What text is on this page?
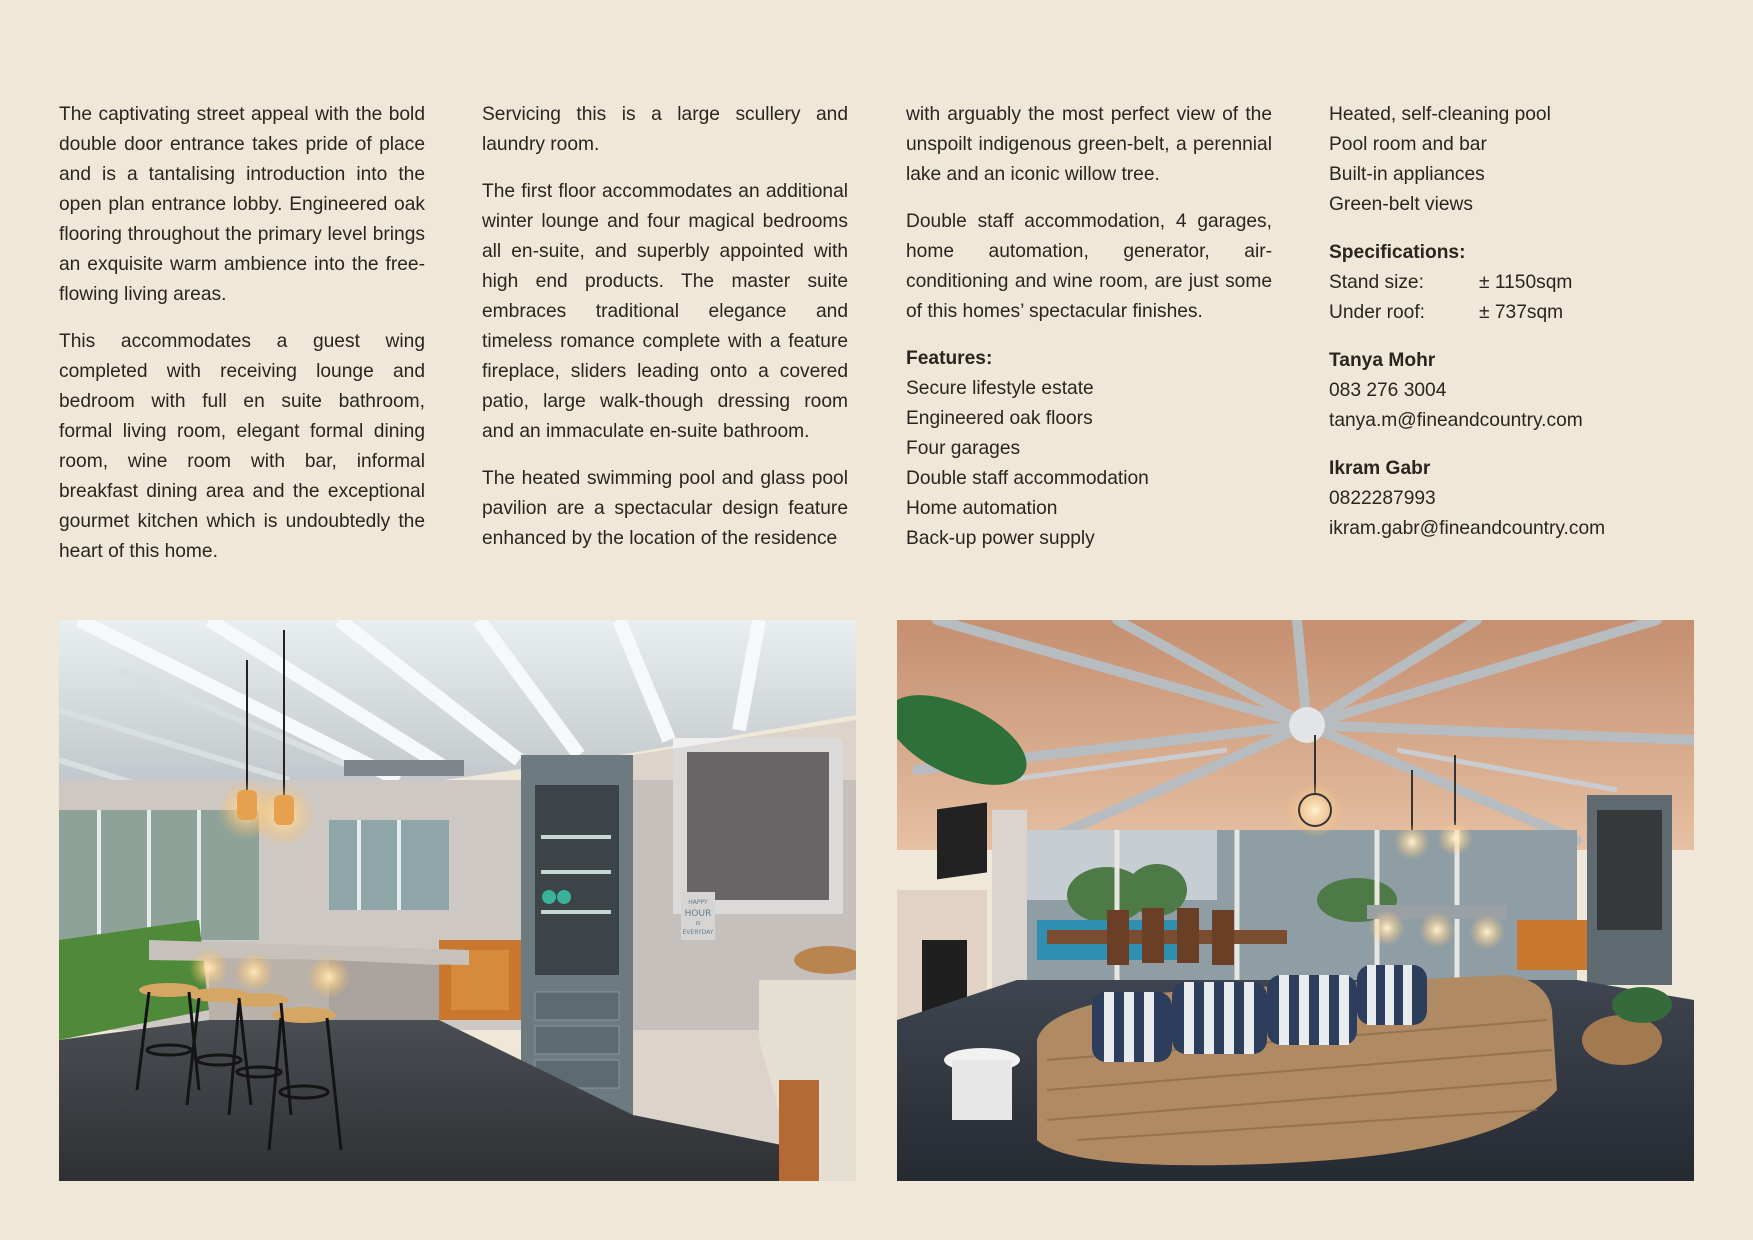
The captivating street appeal with the bold double door entrance takes pride of place and is a tantalising introduction into the open plan entrance lobby. Engineered oak flooring throughout the primary level brings an exquisite warm ambience into the free-flowing living areas.

This accommodates a guest wing completed with receiving lounge and bedroom with full en suite bathroom, formal living room, elegant formal dining room, wine room with bar, informal breakfast dining area and the exceptional gourmet kitchen which is undoubtedly the heart of this home.

Servicing this is a large scullery and laundry room.

The first floor accommodates an additional winter lounge and four magical bedrooms all en-suite, and superbly appointed with high end products. The master suite embraces traditional elegance and timeless romance complete with a feature fireplace, sliders leading onto a covered patio, large walk-though dressing room and an immaculate en-suite bathroom.

The heated swimming pool and glass pool pavilion are a spectacular design feature enhanced by the location of the residence

with arguably the most perfect view of the unspoilt indigenous green-belt, a perennial lake and an iconic willow tree.

Double staff accommodation, 4 garages, home automation, generator, air-conditioning and wine room, are just some of this homes’ spectacular finishes.

Features:
Secure lifestyle estate
Engineered oak floors
Four garages
Double staff accommodation
Home automation
Back-up power supply
Heated, self-cleaning pool
Pool room and bar
Built-in appliances
Green-belt views
Specifications:
Stand size:	± 1150sqm
Under roof:	± 737sqm
Tanya Mohr
083 276 3004
tanya.m@fineandcountry.com
Ikram Gabr
0822287993
ikram.gabr@fineandcountry.com
HAPPY
HOUR
IS
EVERYDAY
